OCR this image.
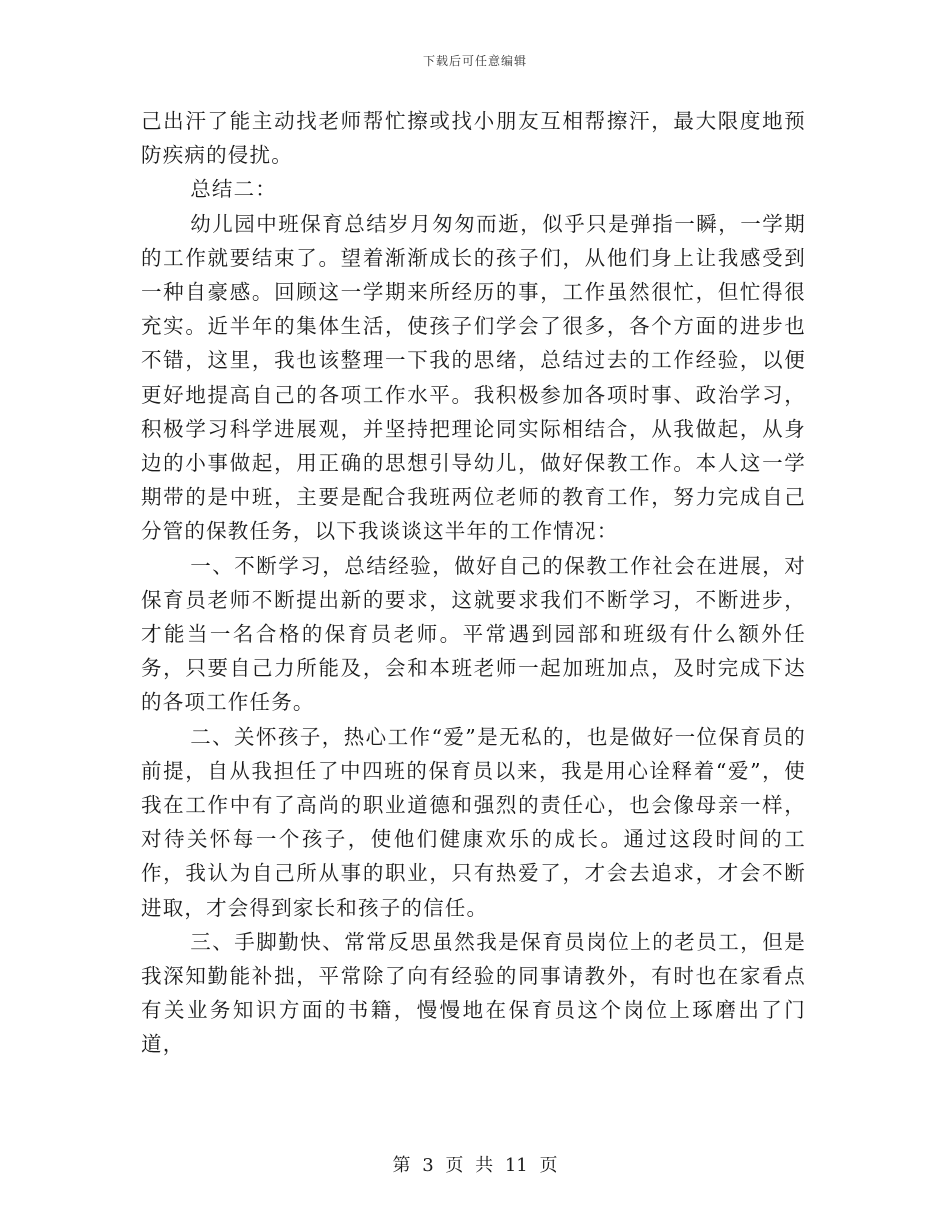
下载后可任意编辑

己出汗了能主动找老师帮忙擦或找小朋友互相帮擦汗，最大限度地预防疾病的侵扰。

总结二：

幼儿园中班保育总结岁月匆匆而逝，似乎只是弹指一瞬，一学期的工作就要结束了。望着渐渐成长的孩子们，从他们身上让我感受到一种自豪感。回顾这一学期来所经历的事，工作虽然很忙，但忙得很充实。近半年的集体生活，使孩子们学会了很多，各个方面的进步也不错，这里，我也该整理一下我的思绪，总结过去的工作经验，以便更好地提高自己的各项工作水平。我积极参加各项时事、政治学习，积极学习科学进展观，并坚持把理论同实际相结合，从我做起，从身边的小事做起，用正确的思想引导幼儿，做好保教工作。本人这一学期带的是中班，主要是配合我班两位老师的教育工作，努力完成自己分管的保教任务，以下我谈谈这半年的工作情况：

一、不断学习，总结经验，做好自己的保教工作社会在进展，对保育员老师不断提出新的要求，这就要求我们不断学习，不断进步，才能当一名合格的保育员老师。平常遇到园部和班级有什么额外任务，只要自己力所能及，会和本班老师一起加班加点，及时完成下达的各项工作任务。

二、关怀孩子，热心工作“爱”是无私的，也是做好一位保育员的前提，自从我担任了中四班的保育员以来，我是用心诠释着“爱”，使我在工作中有了高尚的职业道德和强烈的责任心，也会像母亲一样，对待关怀每一个孩子，使他们健康欢乐的成长。通过这段时间的工作，我认为自己所从事的职业，只有热爱了，才会去追求，才会不断进取，才会得到家长和孩子的信任。

三、手脚勤快、常常反思虽然我是保育员岗位上的老员工，但是我深知勤能补拙，平常除了向有经验的同事请教外，有时也在家看点有关业务知识方面的书籍，慢慢地在保育员这个岗位上琢磨出了门道，

第 3 页 共 11 页
